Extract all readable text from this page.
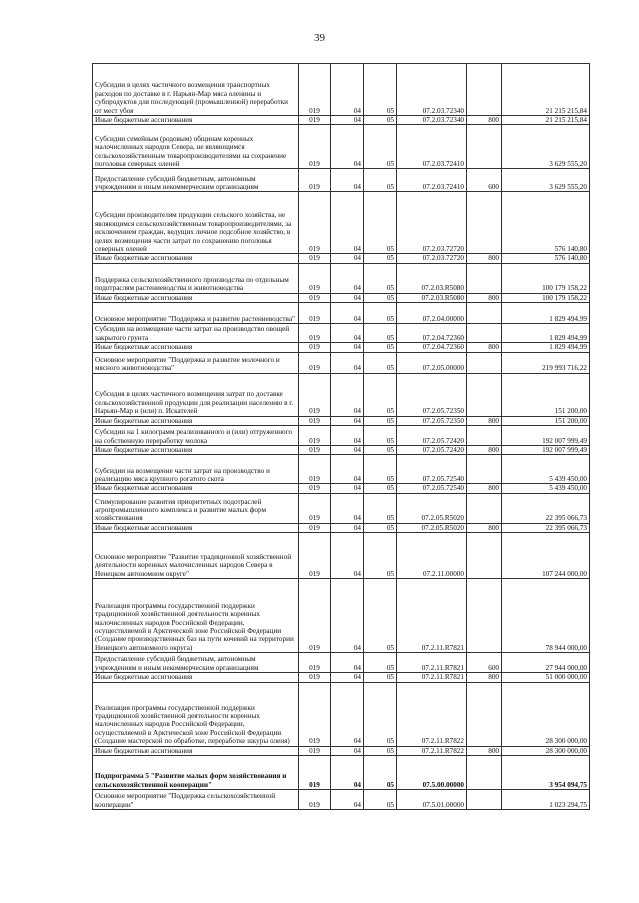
39
Субсидии в целях частичного возмещения транспортных расходов по доставке в г. Нарьян-Мар мяса оленины и субпродуктов для последующей (промышленной) переработки от мест убоя	019	04	05	07.2.03.72340		21 215 215,84
Иные бюджетные ассигнования	019	04	05	07.2.03.72340	800	21 215 215,84
Субсидии семейным (родовым) общинам коренных малочисленных народов Севера, не являющимся сельскохозяйственным товаропроизводителями на сохранение поголовья северных оленей	019	04	05	07.2.03.72410		3 629 555,20
Предоставление субсидий бюджетным, автономным учреждениям и иным некоммерческим организациям	019	04	05	07.2.03.72410	600	3 629 555,20
Субсидии производителям продукции сельского хозяйства, не являющимся сельскохозяйственным товаропроизводителями, за исключением граждан, ведущих личное подсобное хозяйство, в целях возмещения части затрат по сохранению поголовья северных оленей	019	04	05	07.2.03.72720		576 140,80
Иные бюджетные ассигнования	019	04	05	07.2.03.72720	800	576 140,80
Поддержка сельскохозяйственного производства по отдельным подотраслям растениеводства и животноводства	019	04	05	07.2.03.R5080		100 179 158,22
Иные бюджетные ассигнования	019	04	05	07.2.03.R5080	800	100 179 158,22
Основное мероприятие "Поддержка и развитие растениеводства"	019	04	05	07.2.04.00000		1 829 494,99
Субсидии на возмещение части затрат на производство овощей закрытого грунта	019	04	05	07.2.04.72360		1 829 494,99
Иные бюджетные ассигнования	019	04	05	07.2.04.72360	800	1 829 494,99
Основное мероприятие "Поддержка и развитие молочного и мясного животноводства"	019	04	05	07.2.05.00000		219 993 716,22
Субсидия в целях частичного возмещения затрат по доставке сельскохозяйственной продукции для реализации населению в г. Нарьян-Мар и (или) п. Искателей	019	04	05	07.2.05.72350		151 200,00
Иные бюджетные ассигнования	019	04	05	07.2.05.72350	800	151 200,00
Субсидии на 1 килограмм реализованного и (или) отгруженного на собственную переработку молока	019	04	05	07.2.05.72420		192 007 999,49
Иные бюджетные ассигнования	019	04	05	07.2.05.72420	800	192 007 999,49
Субсидии на возмещение части затрат на производство и реализацию мяса крупного рогатого скота	019	04	05	07.2.05.72540		5 439 450,00
Иные бюджетные ассигнования	019	04	05	07.2.05.72540	800	5 439 450,00
Стимулирование развития приоритетных подотраслей агропромышленного комплекса и развитие малых форм хозяйствования	019	04	05	07.2.05.R5020		22 395 066,73
Иные бюджетные ассигнования	019	04	05	07.2.05.R5020	800	22 395 066,73
Основное мероприятие "Развитие традиционной хозяйственной деятельности коренных малочисленных народов Севера в Ненецком автономном округе"	019	04	05	07.2.11.00000		107 244 000,00
Реализация программы государственной поддержки традиционной хозяйственной деятельности коренных малочисленных народов Российской Федерации, осуществляемой в Арктической зоне Российской Федерации (Создание производственных баз на пути кочевий на территории Ненецкого автономного округа)	019	04	05	07.2.11.R7821		78 944 000,00
Предоставление субсидий бюджетным, автономным учреждениям и иным некоммерческим организациям	019	04	05	07.2.11.R7821	600	27 944 000,00
Иные бюджетные ассигнования	019	04	05	07.2.11.R7821	800	51 000 000,00
Реализация программы государственной поддержки традиционной хозяйственной деятельности коренных малочисленных народов Российской Федерации, осуществляемой в Арктической зоне Российской Федерации (Создание мастерской по обработке, переработке шкуры оленя)	019	04	05	07.2.11.R7822		28 300 000,00
Иные бюджетные ассигнования	019	04	05	07.2.11.R7822	800	28 300 000,00
Подпрограмма 5 "Развитие малых форм хозяйствования и сельскохозяйственной кооперации"	019	04	05	07.5.00.00000		3 954 094,75
Основное мероприятие "Поддержка сельскохозяйственной кооперации"	019	04	05	07.5.01.00000		1 023 294,75
